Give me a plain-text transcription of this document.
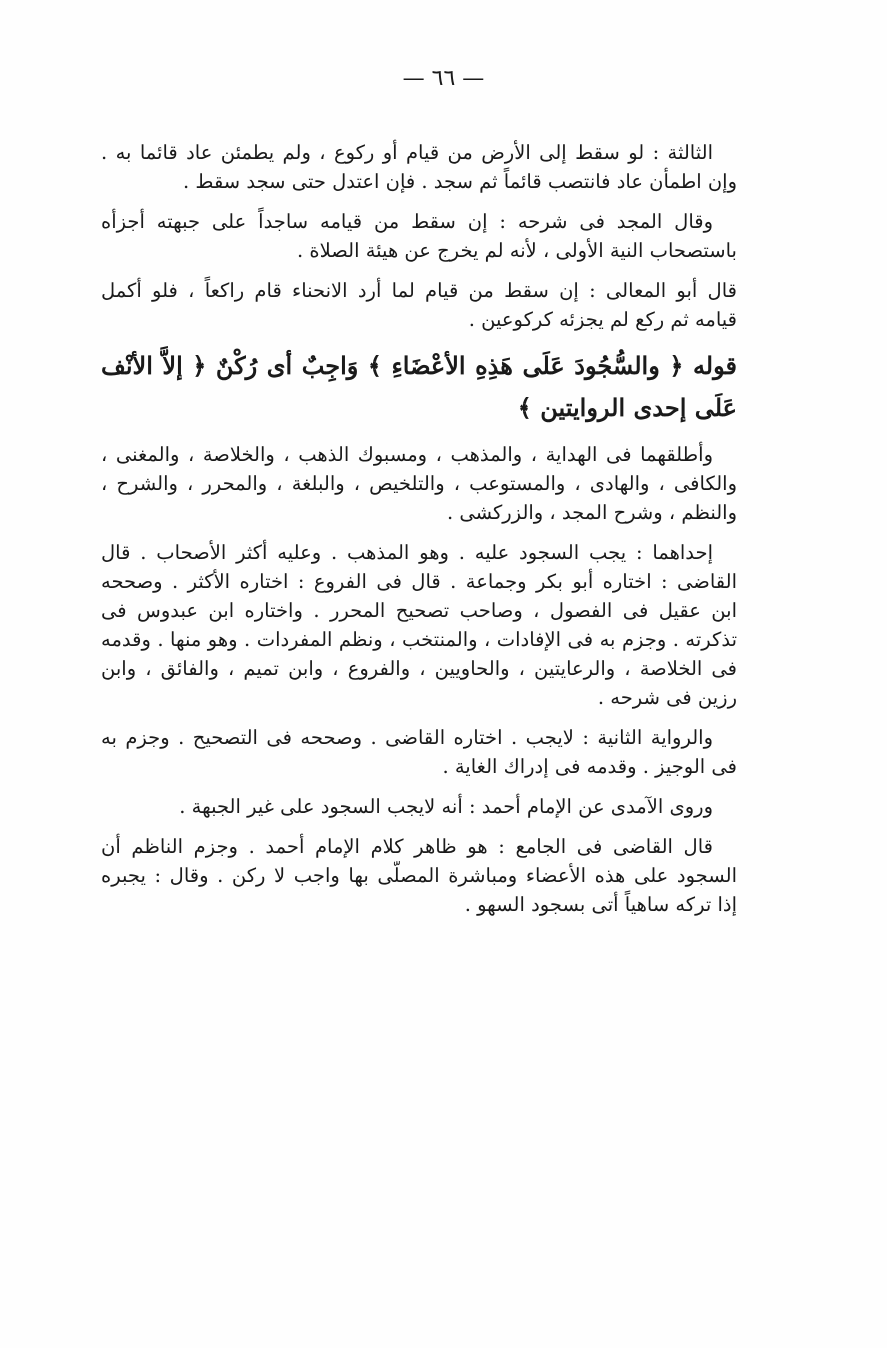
— ٦٦ —
الثالثة : لو سقط إلى الأرض من قيام أو ركوع ، ولم يطمئن عاد قائما به .
وإن اطمأن عاد فانتصب قائماً ثم سجد . فإن اعتدل حتى سجد سقط .
وقال المجد فى شرحه : إن سقط من قيامه ساجداً على جبهته أجزأه
باستصحاب النية الأولى ، لأنه لم يخرج عن هيئة الصلاة .
قال أبو المعالى : إن سقط من قيام لما أرد الانحناء قام راكعاً ، فلو أكمل
قيامه ثم ركع لم يجزئه كركوعين .
قوله ﴿ والسُّجُودَ عَلَى هَذِهِ الأعْضَاءِ ﴾ وَاجِبٌ أى رُكْنٌ ﴿ إلاَّ الأنْف
عَلَى إحدى الروايتين ﴾
وأطلقهما فى الهداية ، والمذهب ، ومسبوك الذهب ، والخلاصة ، والمغنى ،
والكافى ، والهادى ، والمستوعب ، والتلخيص ، والبلغة ، والمحرر ، والشرح ،
والنظم ، وشرح المجد ، والزركشى .
إحداهما : يجب السجود عليه . وهو المذهب . وعليه أكثر الأصحاب . قال
القاضى : اختاره أبو بكر وجماعة . قال فى الفروع : اختاره الأكثر . وصححه
ابن عقيل فى الفصول ، وصاحب تصحيح المحرر . واختاره ابن عبدوس فى
تذكرته . وجزم به فى الإفادات ، والمنتخب ، ونظم المفردات . وهو منها . وقدمه
فى الخلاصة ، والرعايتين ، والحاويين ، والفروع ، وابن تميم ، والفائق ، وابن
رزين فى شرحه .
والرواية الثانية : لايجب . اختاره القاضى . وصححه فى التصحيح . وجزم به
فى الوجيز . وقدمه فى إدراك الغاية .
وروى الآمدى عن الإمام أحمد : أنه لايجب السجود على غير الجبهة .
قال القاضى فى الجامع : هو ظاهر كلام الإمام أحمد . وجزم الناظم أن
السجود على هذه الأعضاء ومباشرة المصلَّى بها واجب لا ركن . وقال : يجبره
إذا تركه ساهياً أتى بسجود السهو .
